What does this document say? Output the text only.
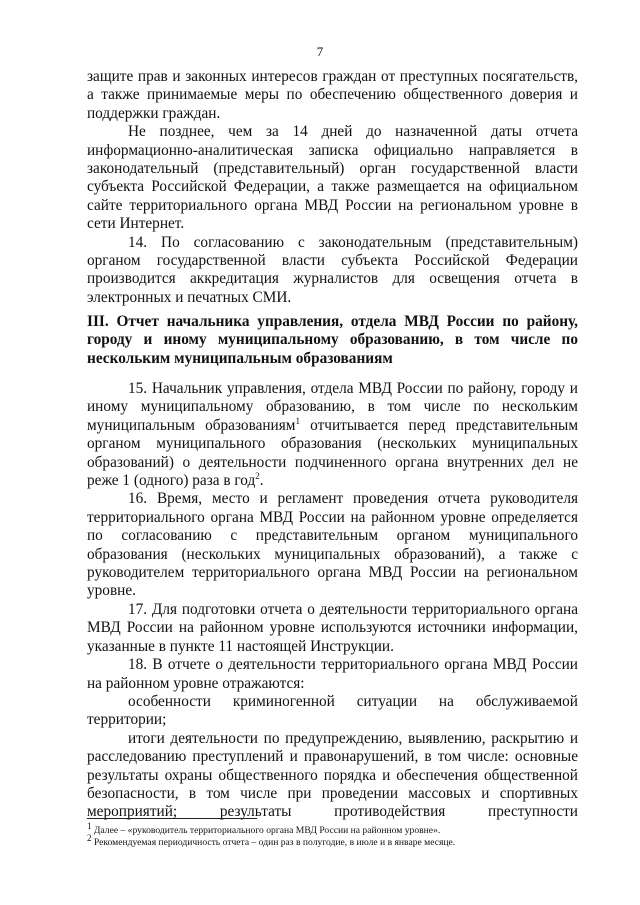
7

защите прав и законных интересов граждан от преступных посягательств, а также принимаемые меры по обеспечению общественного доверия и поддержки граждан.

Не позднее, чем за 14 дней до назначенной даты отчета информационно-аналитическая записка официально направляется в законодательный (представительный) орган государственной власти субъекта Российской Федерации, а также размещается на официальном сайте территориального органа МВД России на региональном уровне в сети Интернет.

14. По согласованию с законодательным (представительным) органом государственной власти субъекта Российской Федерации производится аккредитация журналистов для освещения отчета в электронных и печатных СМИ.

III. Отчет начальника управления, отдела МВД России по району, городу и иному муниципальному образованию, в том числе по нескольким муниципальным образованиям

15. Начальник управления, отдела МВД России по району, городу и иному муниципальному образованию, в том числе по нескольким муниципальным образованиям$^1$ отчитывается перед представительным органом муниципального образования (нескольких муниципальных образований) о деятельности подчиненного органа внутренних дел не реже 1 (одного) раза в год$^2$.

16. Время, место и регламент проведения отчета руководителя территориального органа МВД России на районном уровне определяется по согласованию с представительным органом муниципального образования (нескольких муниципальных образований), а также с руководителем территориального органа МВД России на региональном уровне.

17. Для подготовки отчета о деятельности территориального органа МВД России на районном уровне используются источники информации, указанные в пункте 11 настоящей Инструкции.

18. В отчете о деятельности территориального органа МВД России на районном уровне отражаются:

особенности криминогенной ситуации на обслуживаемой территории;

итоги деятельности по предупреждению, выявлению, раскрытию и расследованию преступлений и правонарушений, в том числе: основные результаты охраны общественного порядка и обеспечения общественной безопасности, в том числе при проведении массовых и спортивных мероприятий; результаты противодействия преступности

1 Далее – «руководитель территориального органа МВД России на районном уровне».

2 Рекомендуемая периодичность отчета – один раз в полугодие, в июле и в январе месяце.
